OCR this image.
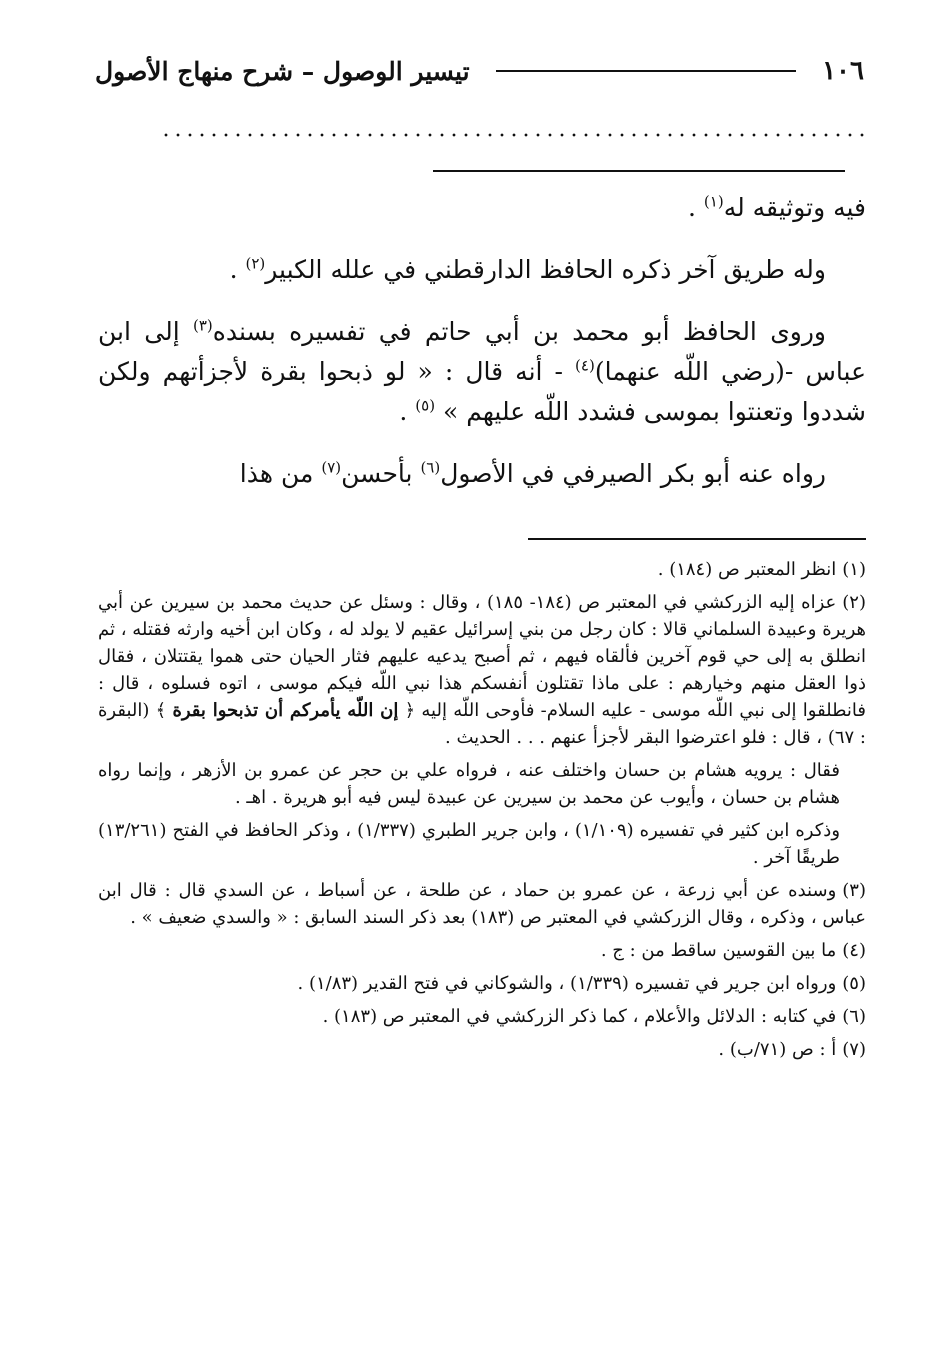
١٠٦
تيسير الوصول – شرح منهاج الأصول

فيه وتوثيقه له$^{(١)}$ .

وله طريق آخر ذكره الحافظ الدارقطني في علله الكبير$^{(٢)}$ .

وروى الحافظ أبو محمد بن أبي حاتم في تفسيره بسنده$^{(٣)}$ إلى ابن عباس -(رضي اللّه عنهما)$^{(٤)}$ - أنه قال : « لو ذبحوا بقرة لأجزأتهم ولكن شددوا وتعنتوا بموسى فشدد اللّه عليهم » $^{(٥)}$ .

رواه عنه أبو بكر الصيرفي في الأصول$^{(٦)}$ بأحسن$^{(٧)}$ من هذا

(١)انظر المعتبر ص (١٨٤) .

(٢)عزاه إليه الزركشي في المعتبر ص (١٨٤- ١٨٥) ، وقال : وسئل عن حديث محمد بن سيرين عن أبي هريرة وعبيدة السلماني قالا : كان رجل من بني إسرائيل عقيم لا يولد له ، وكان ابن أخيه وارثه فقتله ، ثم انطلق به إلى حي قوم آخرين فألقاه فيهم ، ثم أصبح يدعيه عليهم فثار الحيان حتى هموا يقتتلان ، فقال ذوا العقل منهم وخيارهم : على ماذا تقتلون أنفسكم هذا نبي اللّه فيكم موسى ، اتوه فسلوه ، قال : فانطلقوا إلى نبي اللّه موسى - عليه السلام- فأوحى اللّه إليه ﴿ إن اللّه يأمركم أن تذبحوا بقرة ﴾ (البقرة : ٦٧) ، قال : فلو اعترضوا البقر لأجزأ عنهم . . . الحديث .

فقال : يرويه هشام بن حسان واختلف عنه ، فرواه علي بن حجر عن عمرو بن الأزهر ، وإنما رواه هشام بن حسان ، وأيوب عن محمد بن سيرين عن عبيدة ليس فيه أبو هريرة . اهـ .

وذكره ابن كثير في تفسيره (١/١٠٩) ، وابن جرير الطبري (١/٣٣٧) ، وذكر الحافظ في الفتح (١٣/٢٦١) طريقًا آخر .

(٣)وسنده عن أبي زرعة ، عن عمرو بن حماد ، عن طلحة ، عن أسباط ، عن السدي قال : قال ابن عباس ، وذكره ، وقال الزركشي في المعتبر ص (١٨٣) بعد ذكر السند السابق : « والسدي ضعيف » .

(٤)ما بين القوسين ساقط من : ج .

(٥)ورواه ابن جرير في تفسيره (١/٣٣٩) ، والشوكاني في فتح القدير (١/٨٣) .

(٦)في كتابه : الدلائل والأعلام ، كما ذكر الزركشي في المعتبر ص (١٨٣) .

(٧)أ : ص (٧١/ب) .
